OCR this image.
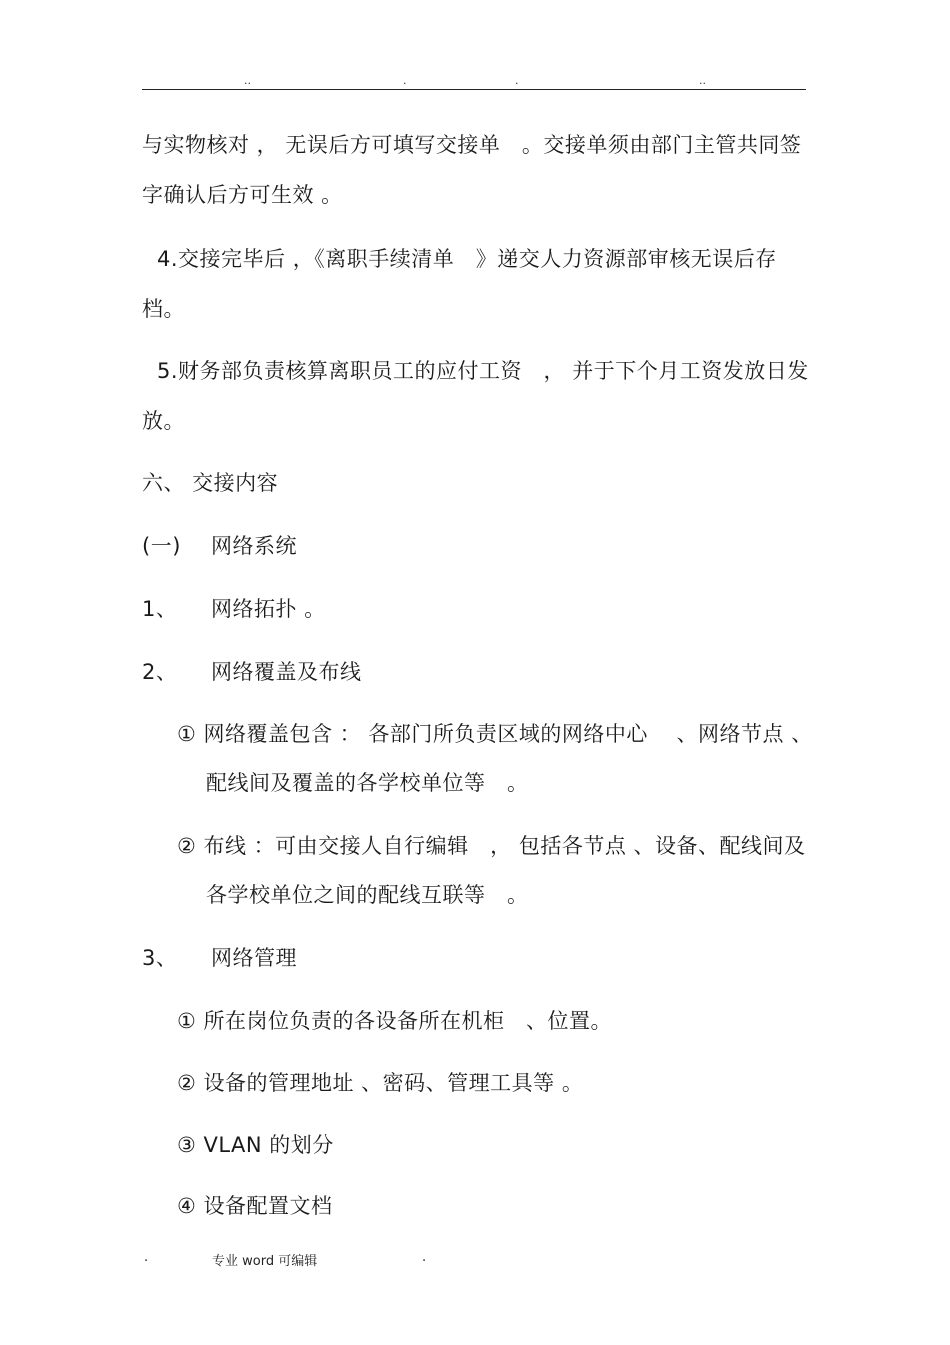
..	.	.	..
与实物核对 ， 无误后方可填写交接单　。交接单须由部门主管共同签
字确认后方可生效 。
4.交接完毕后 ，《离职手续清单　》递交人力资源部审核无误后存
档。
5.财务部负责核算离职员工的应付工资　， 并于下个月工资发放日发
放。
六、 交接内容
(一) 网络系统
1、 网络拓扑 。
2、 网络覆盖及布线
① 网络覆盖包含 ： 各部门所负责区域的网络中心　 、网络节点 、
配线间及覆盖的各学校单位等　。
② 布线 ：可由交接人自行编辑　， 包括各节点 、设备、配线间及
各学校单位之间的配线互联等　。
3、 网络管理
① 所在岗位负责的各设备所在机柜　、位置。
② 设备的管理地址 、密码、管理工具等 。
③ VLAN 的划分
④ 设备配置文档
.	专业 word 可编辑	.
